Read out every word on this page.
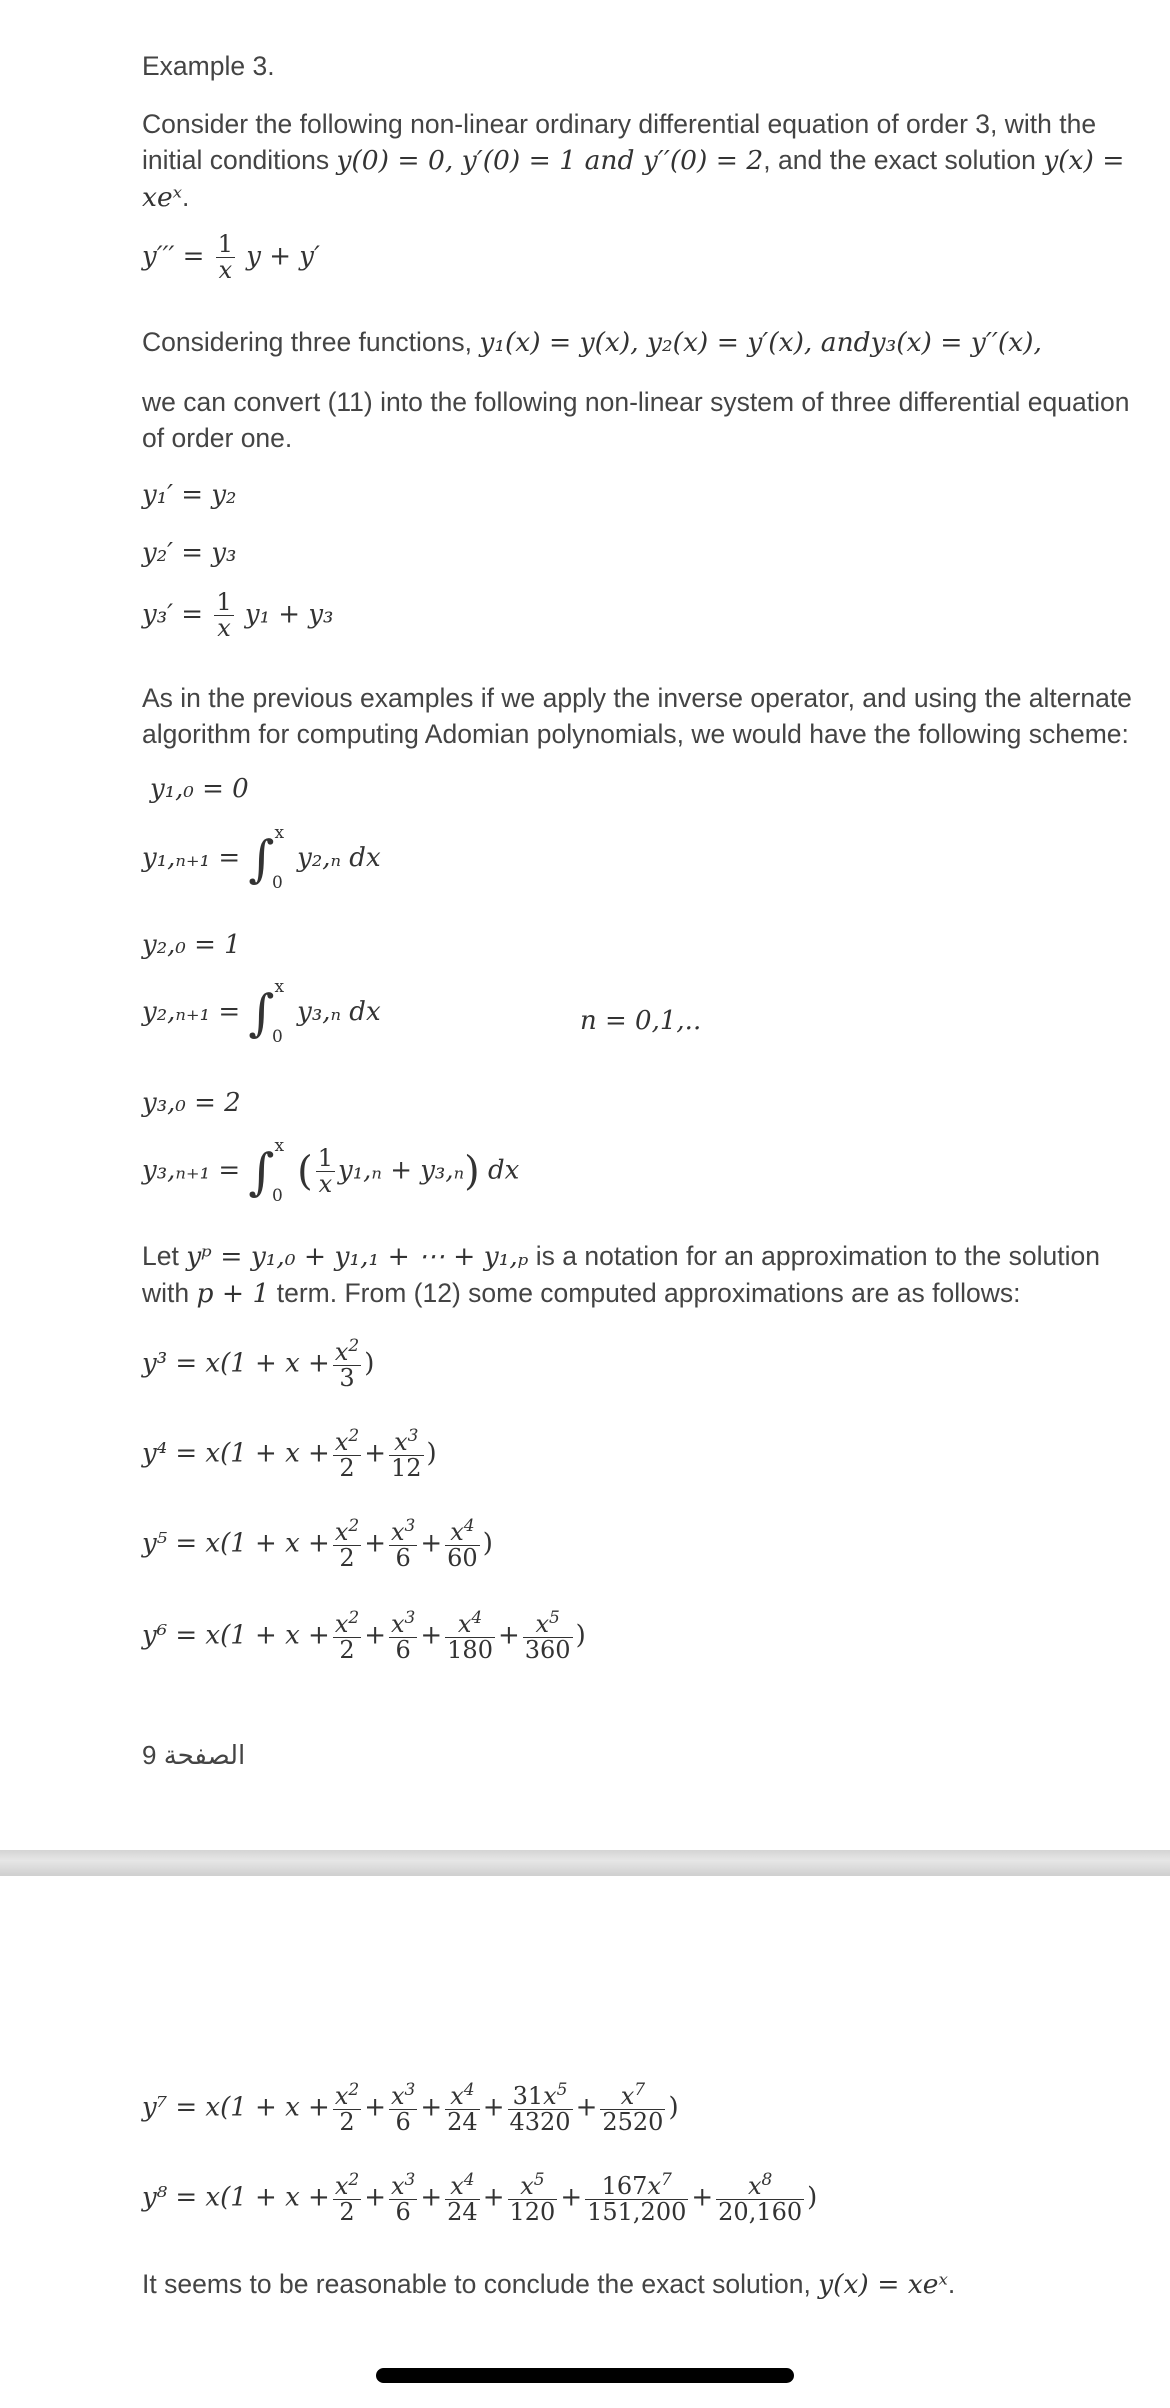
Example 3.
Consider the following non-linear ordinary differential equation of order 3, with the initial conditions y(0) = 0, y′(0) = 1 and y′′(0) = 2, and the exact solution y(x) = xeˣ.
$y''' = \frac{1}{x}$ y + y′
Considering three functions, y₁(x) = y(x), y₂(x) = y′(x), andy₃(x) = y′′(x),
we can convert (11) into the following non-linear system of three differential equation of order one.
y₁′ = y₂
y₂′ = y₃
$y_3' = \frac{1}{x} y_1 + y_3$
As in the previous examples if we apply the inverse operator, and using the alternate algorithm for computing Adomian polynomials, we would have the following scheme:
y₁,₀ = 0
y₁,ₙ₊₁ = ∫$^x_0$ y₂,ₙ dx
y₂,₀ = 1
y₂,ₙ₊₁ = ∫$^x_0$ y₃,ₙ dx	n = 0,1,..
y₃,₀ = 2
y₃,ₙ₊₁ = ∫$^x_0$ ( $\frac{1}{x} y_1,_n + y_3,_n$) dx
Let yᵖ = y₁,₀ + y₁,₁ + ⋯ + y₁,ₚ is a notation for an approximation to the solution with p + 1 term. From (12) some computed approximations are as follows:
$y^3 = x(1 + x + \frac{x^2}{3}$ )
$y^4 = x(1 + x + \frac{x^2}{2} + \frac{x^3}{12}$ )
$y^5 = x(1 + x + \frac{x^2}{2} + \frac{x^3}{6} + \frac{x^4}{60}$ )
$y^6 = x(1 + x + \frac{x^2}{2} + \frac{x^3}{6} + \frac{x^4}{180} + \frac{x^5}{360}$ )
الصفحة 9
$y^7 = x(1 + x + \frac{x^2}{2} + \frac{x^3}{6} + \frac{x^4}{24} + \frac{31x^5}{4320} + \frac{x^7}{2520}$ )
$y^8 = x(1 + x + \frac{x^2}{2} + \frac{x^3}{6} + \frac{x^4}{24} + \frac{x^5}{120} + \frac{167x^7}{151,200} + \frac{x^8}{20,160}$ )
It seems to be reasonable to conclude the exact solution, y(x) = xeˣ.
